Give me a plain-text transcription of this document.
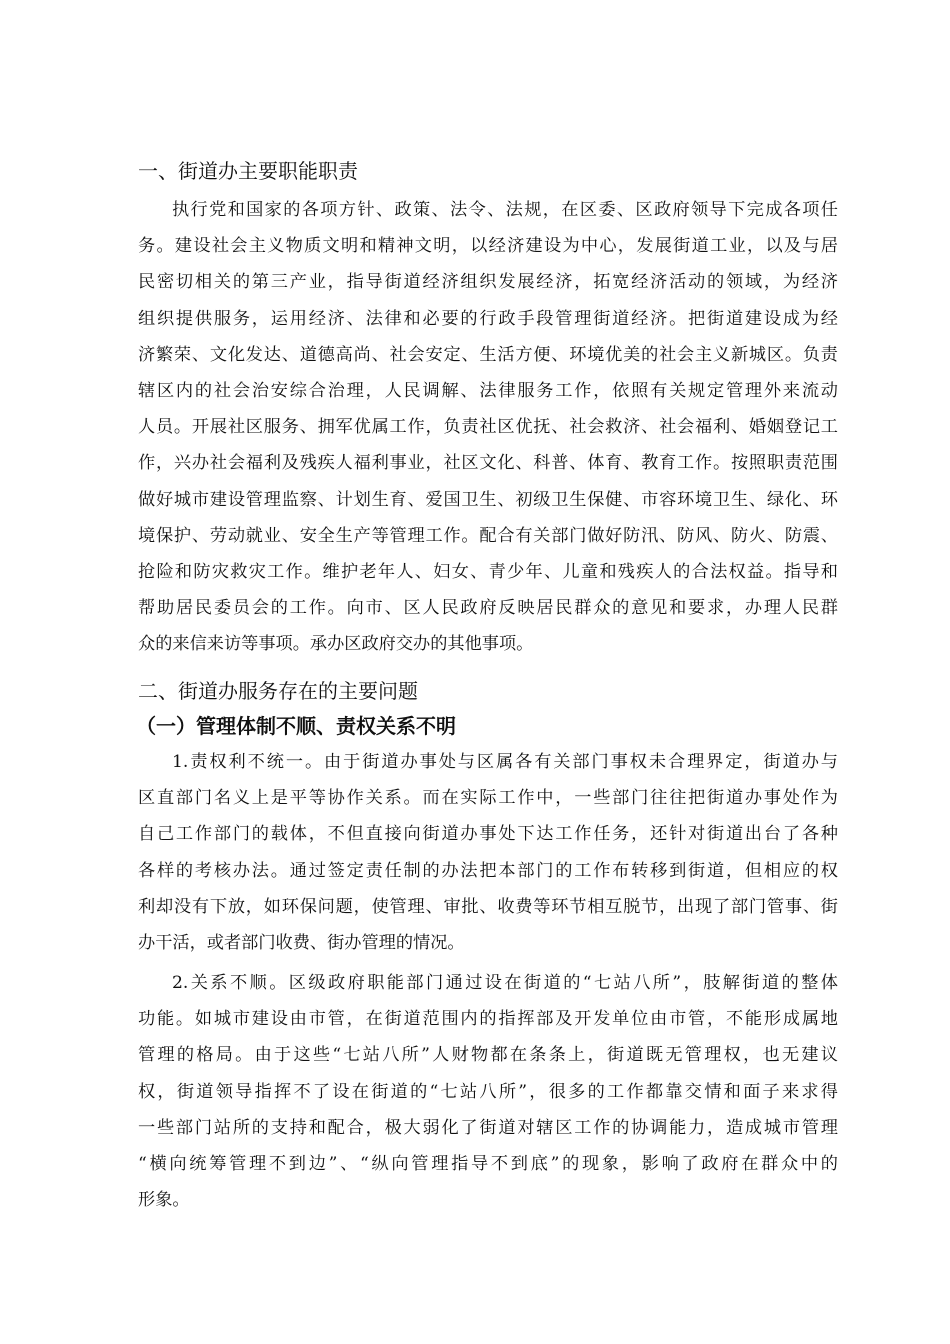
一、街道办主要职能职责
执行党和国家的各项方针、政策、法令、法规，在区委、区政府领导下完成各项任
务。建设社会主义物质文明和精神文明，以经济建设为中心，发展街道工业，以及与居
民密切相关的第三产业，指导街道经济组织发展经济，拓宽经济活动的领域，为经济
组织提供服务，运用经济、法律和必要的行政手段管理街道经济。把街道建设成为经
济繁荣、文化发达、道德高尚、社会安定、生活方便、环境优美的社会主义新城区。负责
辖区内的社会治安综合治理，人民调解、法律服务工作，依照有关规定管理外来流动
人员。开展社区服务、拥军优属工作，负责社区优抚、社会救济、社会福利、婚姻登记工
作，兴办社会福利及残疾人福利事业，社区文化、科普、体育、教育工作。按照职责范围
做好城市建设管理监察、计划生育、爱国卫生、初级卫生保健、市容环境卫生、绿化、环
境保护、劳动就业、安全生产等管理工作。配合有关部门做好防汛、防风、防火、防震、
抢险和防灾救灾工作。维护老年人、妇女、青少年、儿童和残疾人的合法权益。指导和
帮助居民委员会的工作。向市、区人民政府反映居民群众的意见和要求，办理人民群
众的来信来访等事项。承办区政府交办的其他事项。
二、街道办服务存在的主要问题
（一）管理体制不顺、责权关系不明
1.责权利不统一。由于街道办事处与区属各有关部门事权未合理界定，街道办与
区直部门名义上是平等协作关系。而在实际工作中，一些部门往往把街道办事处作为
自己工作部门的载体，不但直接向街道办事处下达工作任务，还针对街道出台了各种
各样的考核办法。通过签定责任制的办法把本部门的工作布转移到街道，但相应的权
利却没有下放，如环保问题，使管理、审批、收费等环节相互脱节，出现了部门管事、街
办干活，或者部门收费、街办管理的情况。
2.关系不顺。区级政府职能部门通过设在街道的“七站八所”，肢解街道的整体
功能。如城市建设由市管，在街道范围内的指挥部及开发单位由市管，不能形成属地
管理的格局。由于这些“七站八所”人财物都在条条上，街道既无管理权，也无建议
权，街道领导指挥不了设在街道的“七站八所”，很多的工作都靠交情和面子来求得
一些部门站所的支持和配合，极大弱化了街道对辖区工作的协调能力，造成城市管理
“横向统筹管理不到边”、“纵向管理指导不到底”的现象，影响了政府在群众中的
形象。
